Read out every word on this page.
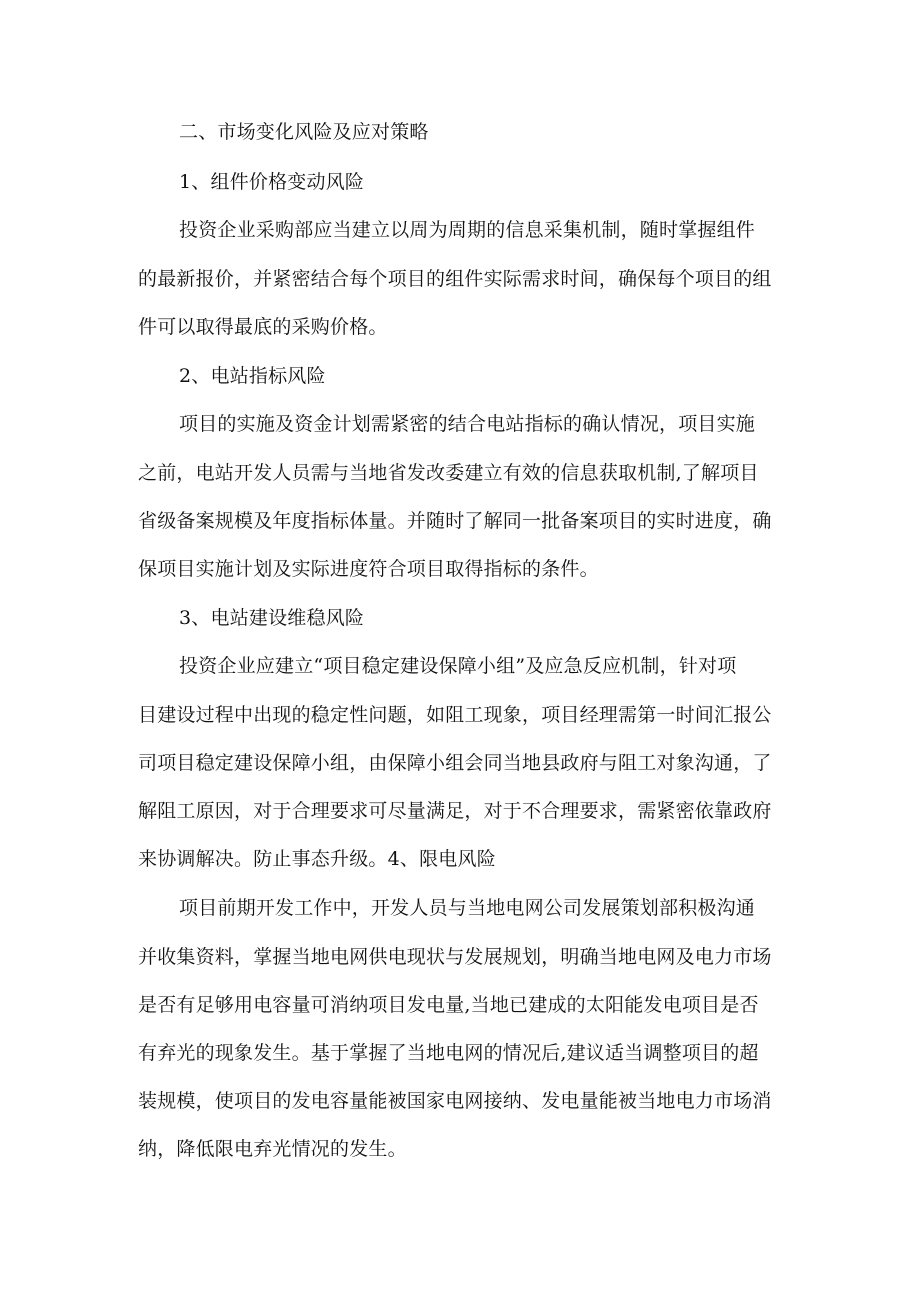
二、市场变化风险及应对策略
1、组件价格变动风险
投资企业采购部应当建立以周为周期的信息采集机制，随时掌握组件
的最新报价，并紧密结合每个项目的组件实际需求时间，确保每个项目的组
件可以取得最底的采购价格。
2、电站指标风险
项目的实施及资金计划需紧密的结合电站指标的确认情况，项目实施
之前，电站开发人员需与当地省发改委建立有效的信息获取机制,了解项目
省级备案规模及年度指标体量。并随时了解同一批备案项目的实时进度，确
保项目实施计划及实际进度符合项目取得指标的条件。
3、电站建设维稳风险
投资企业应建立“项目稳定建设保障小组”及应急反应机制，针对项
目建设过程中出现的稳定性问题，如阻工现象，项目经理需第一时间汇报公
司项目稳定建设保障小组，由保障小组会同当地县政府与阻工对象沟通，了
解阻工原因，对于合理要求可尽量满足，对于不合理要求，需紧密依靠政府
来协调解决。防止事态升级。4、限电风险
项目前期开发工作中，开发人员与当地电网公司发展策划部积极沟通
并收集资料，掌握当地电网供电现状与发展规划，明确当地电网及电力市场
是否有足够用电容量可消纳项目发电量,当地已建成的太阳能发电项目是否
有弃光的现象发生。基于掌握了当地电网的情况后,建议适当调整项目的超
装规模，使项目的发电容量能被国家电网接纳、发电量能被当地电力市场消
纳，降低限电弃光情况的发生。
